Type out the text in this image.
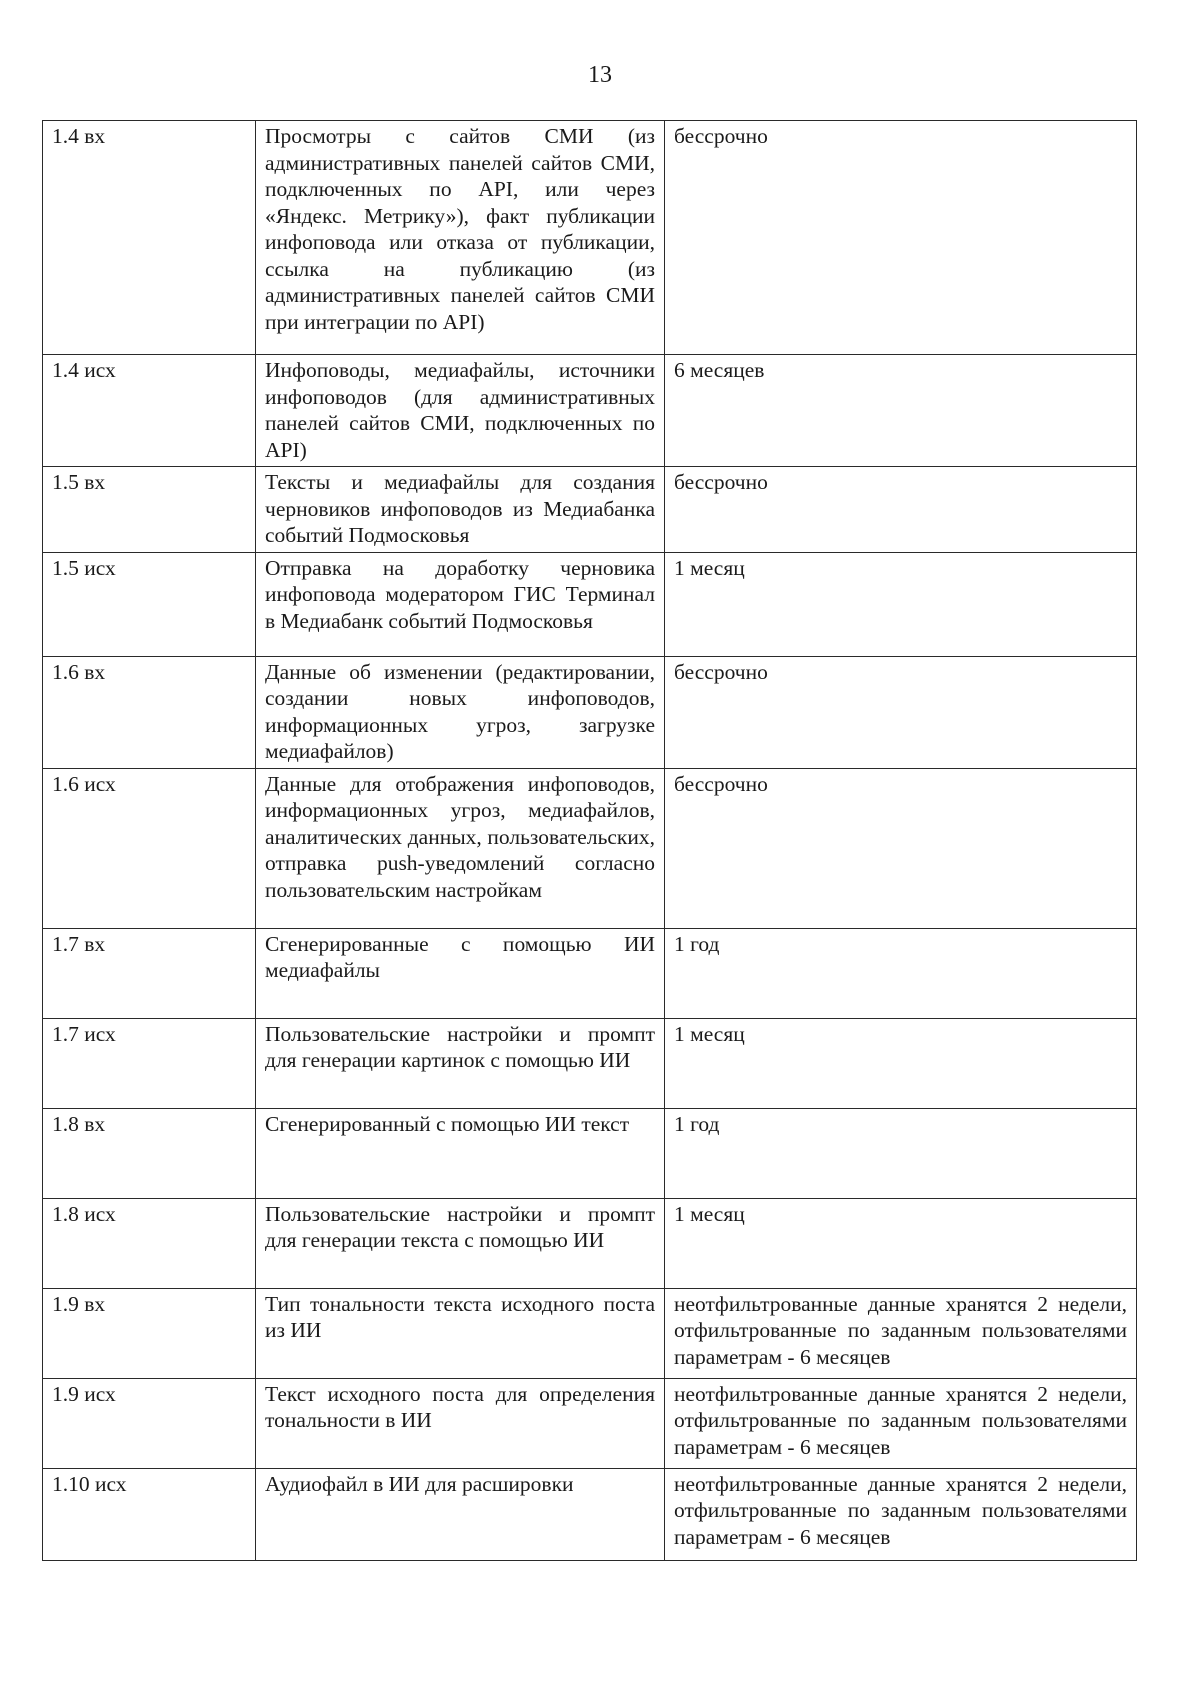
13
1.4 вх	Просмотры с сайтов СМИ (из административных панелей сайтов СМИ, подключенных по API, или через «Яндекс. Метрику»), факт публикации инфоповода или отказа от публикации, ссылка на публикацию (из административных панелей сайтов СМИ при интеграции по API)	бессрочно
1.4 исх	Инфоповоды, медиафайлы, источники инфоповодов (для административных панелей сайтов СМИ, подключенных по API)	6 месяцев
1.5 вх	Тексты и медиафайлы для создания черновиков инфоповодов из Медиабанка событий Подмосковья	бессрочно
1.5 исх	Отправка на доработку черновика инфоповода модератором ГИС Терминал в Медиабанк событий Подмосковья	1 месяц
1.6 вх	Данные об изменении (редактировании, создании новых инфоповодов, информационных угроз, загрузке медиафайлов)	бессрочно
1.6 исх	Данные для отображения инфоповодов, информационных угроз, медиафайлов, аналитических данных, пользовательских, отправка push-уведомлений согласно пользовательским настройкам	бессрочно
1.7 вх	Сгенерированные с помощью ИИ медиафайлы	1 год
1.7 исх	Пользовательские настройки и промпт для генерации картинок с помощью ИИ	1 месяц
1.8 вх	Сгенерированный с помощью ИИ текст	1 год
1.8 исх	Пользовательские настройки и промпт для генерации текста с помощью ИИ	1 месяц
1.9 вх	Тип тональности текста исходного поста из ИИ	неотфильтрованные данные хранятся 2 недели, отфильтрованные по заданным пользователями параметрам - 6 месяцев
1.9 исх	Текст исходного поста для определения тональности в ИИ	неотфильтрованные данные хранятся 2 недели, отфильтрованные по заданным пользователями параметрам - 6 месяцев
1.10 исх	Аудиофайл в ИИ для расшировки	неотфильтрованные данные хранятся 2 недели, отфильтрованные по заданным пользователями параметрам - 6 месяцев
